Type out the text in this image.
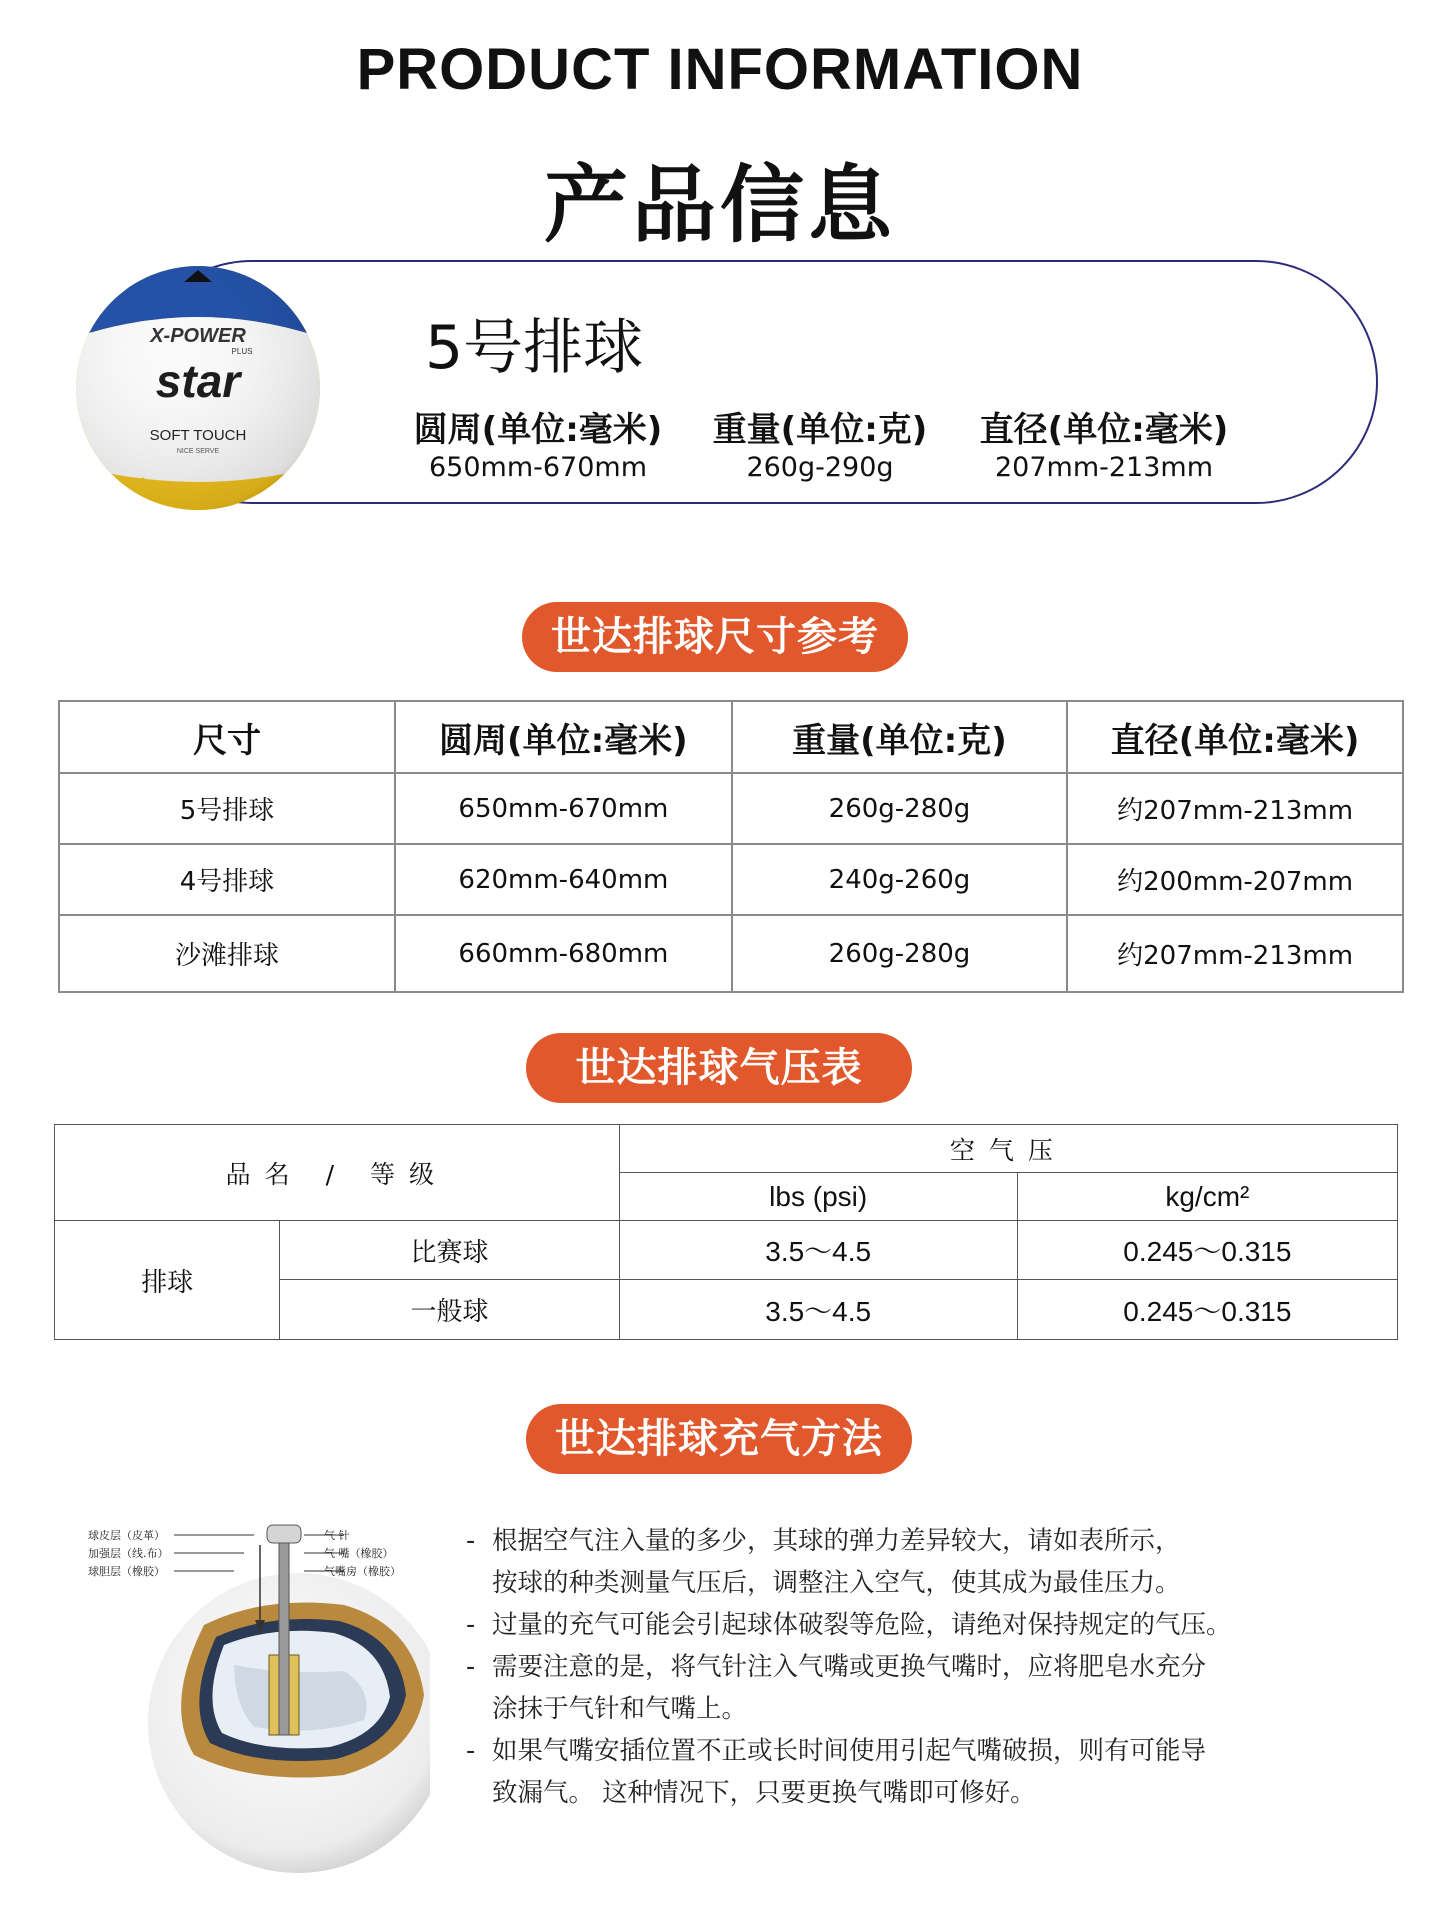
PRODUCT INFORMATION
产品信息
X-POWER
PLUS
star
SOFT TOUCH
NICE SERVE
5号排球
圆周(单位:毫米)
650mm-670mm
重量(单位:克)
260g-290g
直径(单位:毫米)
207mm-213mm
世达排球尺寸参考
尺寸	圆周(单位:毫米)	重量(单位:克)	直径(单位:毫米)
5号排球	650mm-670mm	260g-280g	约207mm-213mm
4号排球	620mm-640mm	240g-260g	约200mm-207mm
沙滩排球	660mm-680mm	260g-280g	约207mm-213mm
世达排球气压表
品名 / 等级		空气压	
		lbs (psi)	kg/cm²
排球	比赛球	3.5～4.5	0.245～0.315
	一般球	3.5～4.5	0.245～0.315
世达排球充气方法
球皮层（皮革）
加强层（线.布）
球胆层（橡胶）
气 针
气 嘴（橡胶）
气嘴房（橡胶）
- 根据空气注入量的多少，其球的弹力差异较大，请如表所示，
按球的种类测量气压后，调整注入空气，使其成为最佳压力。
- 过量的充气可能会引起球体破裂等危险，请绝对保持规定的气压。
- 需要注意的是，将气针注入气嘴或更换气嘴时，应将肥皂水充分
涂抹于气针和气嘴上。
- 如果气嘴安插位置不正或长时间使用引起气嘴破损，则有可能导
致漏气。 这种情况下，只要更换气嘴即可修好。
